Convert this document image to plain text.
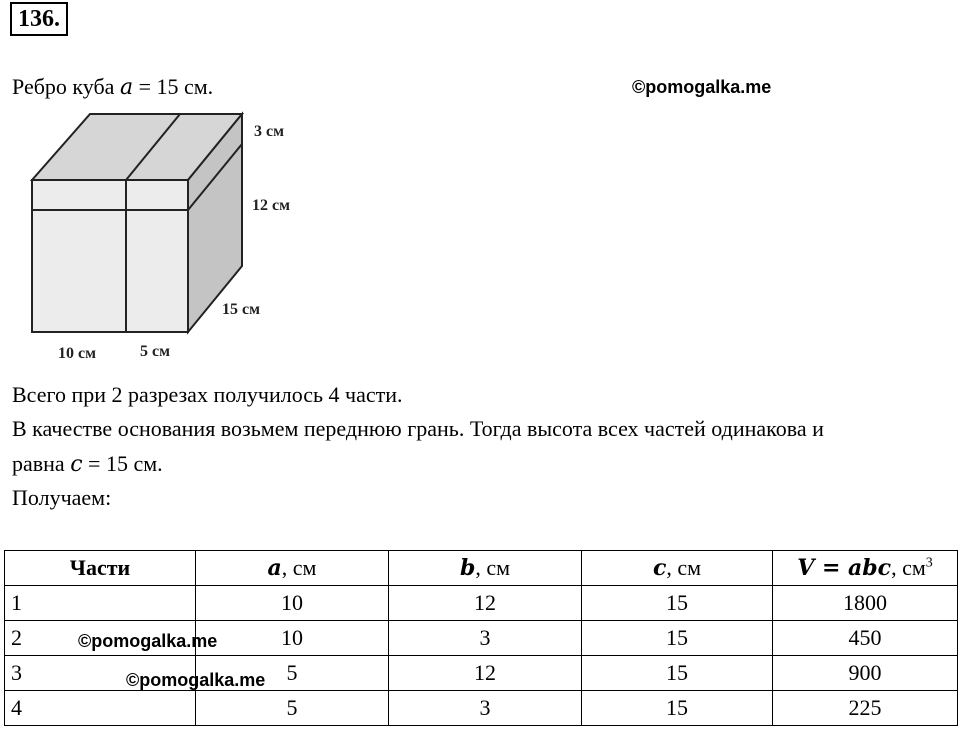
136.
Ребро куба a = 15 см.	©pomogalka.me
3 см
12 см
15 см
10 см	5 см
Всего при 2 разрезах получилось 4 части.
В качестве основания возьмем переднюю грань. Тогда высота всех частей одинакова и
равна c = 15 см.
Получаем:
Части	a, см	b, см	c, см	V = abc, $см^3$
1	10	12	15	1800
2	10	3	15	450
3	5	12	15	900
4	5	3	15	225
©pomogalka.me
©pomogalka.me
